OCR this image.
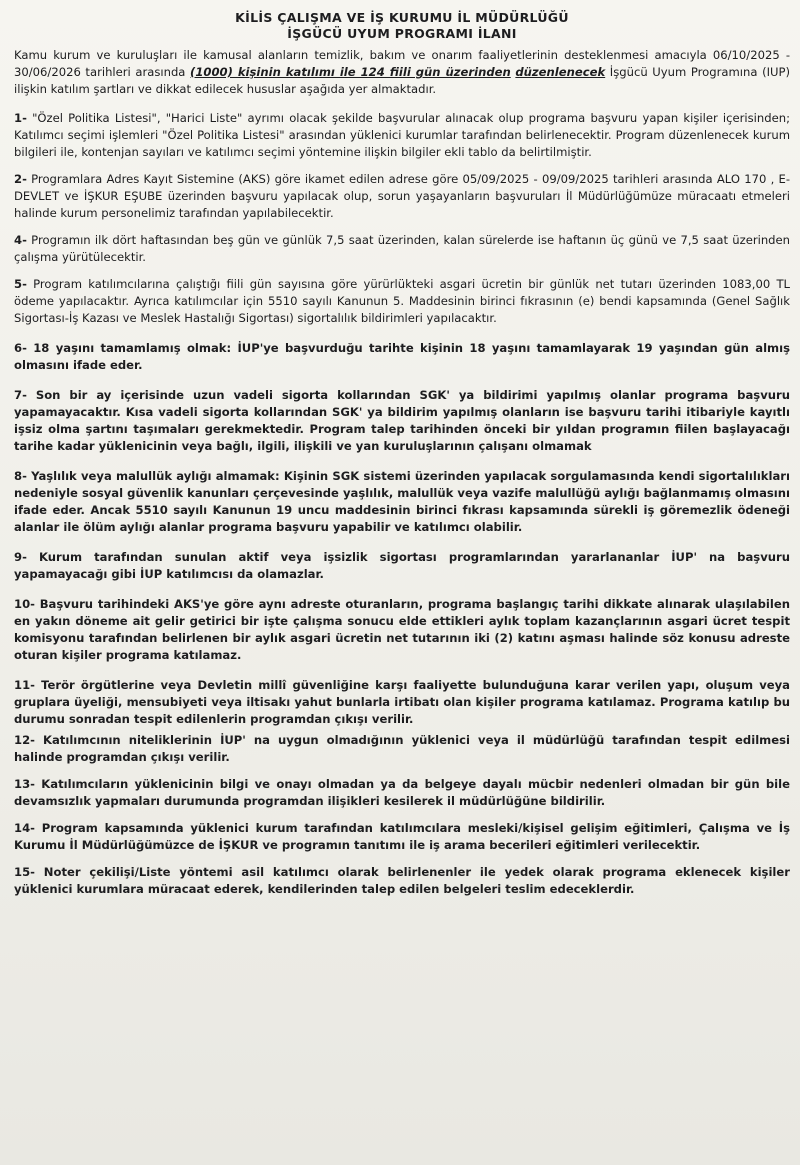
KİLİS ÇALIŞMA VE İŞ KURUMU İL MÜDÜRLÜĞÜ

İŞGÜCÜ UYUM PROGRAMI İLANI

Kamu kurum ve kuruluşları ile kamusal alanların temizlik, bakım ve onarım faaliyetlerinin desteklenmesi amacıyla 06/10/2025 - 30/06/2026 tarihleri arasında (1000) kişinin katılımı ile 124 fiili gün üzerinden düzenlenecek İşgücü Uyum Programına (IUP) ilişkin katılım şartları ve dikkat edilecek hususlar aşağıda yer almaktadır.

1- "Özel Politika Listesi", "Harici Liste" ayrımı olacak şekilde başvurular alınacak olup programa başvuru yapan kişiler içerisinden; Katılımcı seçimi işlemleri "Özel Politika Listesi" arasından yüklenici kurumlar tarafından belirlenecektir. Program düzenlenecek kurum bilgileri ile, kontenjan sayıları ve katılımcı seçimi yöntemine ilişkin bilgiler ekli tablo da belirtilmiştir.

2- Programlara Adres Kayıt Sistemine (AKS) göre ikamet edilen adrese göre 05/09/2025 - 09/09/2025 tarihleri arasında ALO 170 , E-DEVLET ve İŞKUR EŞUBE üzerinden başvuru yapılacak olup, sorun yaşayanların başvuruları İl Müdürlüğümüze müracaatı etmeleri halinde kurum personelimiz tarafından yapılabilecektir.

4- Programın ilk dört haftasından beş gün ve günlük 7,5 saat üzerinden, kalan sürelerde ise haftanın üç günü ve 7,5 saat üzerinden çalışma yürütülecektir.

5- Program katılımcılarına çalıştığı fiili gün sayısına göre yürürlükteki asgari ücretin bir günlük net tutarı üzerinden 1083,00 TL ödeme yapılacaktır. Ayrıca katılımcılar için 5510 sayılı Kanunun 5. Maddesinin birinci fıkrasının (e) bendi kapsamında (Genel Sağlık Sigortası-İş Kazası ve Meslek Hastalığı Sigortası) sigortalılık bildirimleri yapılacaktır.

6- 18 yaşını tamamlamış olmak: İUP'ye başvurduğu tarihte kişinin 18 yaşını tamamlayarak 19 yaşından gün almış olmasını ifade eder.

7- Son bir ay içerisinde uzun vadeli sigorta kollarından SGK' ya bildirimi yapılmış olanlar programa başvuru yapamayacaktır. Kısa vadeli sigorta kollarından SGK' ya bildirim yapılmış olanların ise başvuru tarihi itibariyle kayıtlı işsiz olma şartını taşımaları gerekmektedir. Program talep tarihinden önceki bir yıldan programın fiilen başlayacağı tarihe kadar yüklenicinin veya bağlı, ilgili, ilişkili ve yan kuruluşlarının çalışanı olmamak

8- Yaşlılık veya malullük aylığı almamak: Kişinin SGK sistemi üzerinden yapılacak sorgulamasında kendi sigortalılıkları nedeniyle sosyal güvenlik kanunları çerçevesinde yaşlılık, malullük veya vazife malullüğü aylığı bağlanmamış olmasını ifade eder. Ancak 5510 sayılı Kanunun 19 uncu maddesinin birinci fıkrası kapsamında sürekli iş göremezlik ödeneği alanlar ile ölüm aylığı alanlar programa başvuru yapabilir ve katılımcı olabilir.

9- Kurum tarafından sunulan aktif veya işsizlik sigortası programlarından yararlananlar İUP' na başvuru yapamayacağı gibi İUP katılımcısı da olamazlar.

10- Başvuru tarihindeki AKS'ye göre aynı adreste oturanların, programa başlangıç tarihi dikkate alınarak ulaşılabilen en yakın döneme ait gelir getirici bir işte çalışma sonucu elde ettikleri aylık toplam kazançlarının asgari ücret tespit komisyonu tarafından belirlenen bir aylık asgari ücretin net tutarının iki (2) katını aşması halinde söz konusu adreste oturan kişiler programa katılamaz.

11- Terör örgütlerine veya Devletin millî güvenliğine karşı faaliyette bulunduğuna karar verilen yapı, oluşum veya gruplara üyeliği, mensubiyeti veya iltisakı yahut bunlarla irtibatı olan kişiler programa katılamaz. Programa katılıp bu durumu sonradan tespit edilenlerin programdan çıkışı verilir.

12- Katılımcının niteliklerinin İUP' na uygun olmadığının yüklenici veya il müdürlüğü tarafından tespit edilmesi halinde programdan çıkışı verilir.

13- Katılımcıların yüklenicinin bilgi ve onayı olmadan ya da belgeye dayalı mücbir nedenleri olmadan bir gün bile devamsızlık yapmaları durumunda programdan ilişikleri kesilerek il müdürlüğüne bildirilir.

14- Program kapsamında yüklenici kurum tarafından katılımcılara mesleki/kişisel gelişim eğitimleri, Çalışma ve İş Kurumu İl Müdürlüğümüzce de İŞKUR ve programın tanıtımı ile iş arama becerileri eğitimleri verilecektir.

15- Noter çekilişi/Liste yöntemi asil katılımcı olarak belirlenenler ile yedek olarak programa eklenecek kişiler yüklenici kurumlara müracaat ederek, kendilerinden talep edilen belgeleri teslim edeceklerdir.
